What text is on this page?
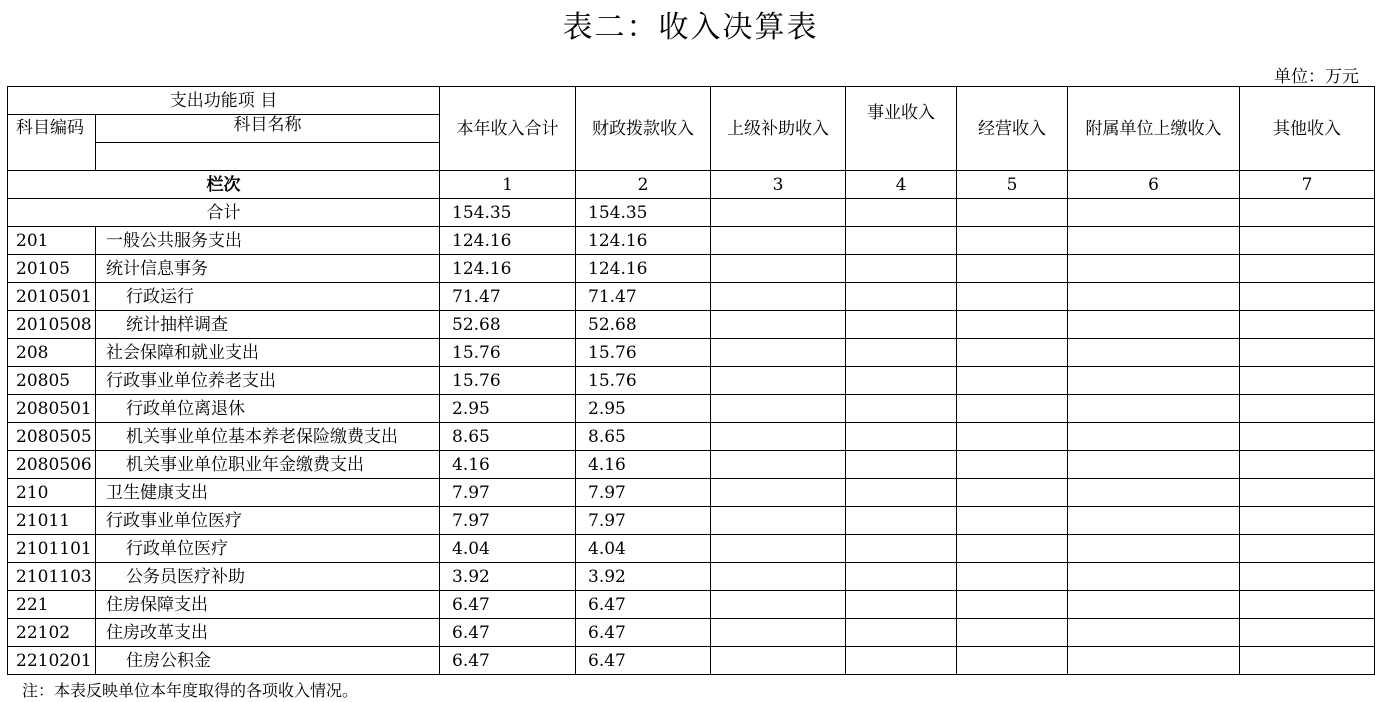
表二：收入决算表
单位：万元
支出功能项 目		本年收入合计	财政拨款收入	上级补助收入	事业收入	经营收入	附属单位上缴收入	其他收入
科目编码	科目名称							

栏次		1	2	3	4	5	6	7
合计		154.35	154.35					
201	一般公共服务支出	124.16	124.16					
20105	统计信息事务	124.16	124.16					
2010501	行政运行	71.47	71.47					
2010508	统计抽样调查	52.68	52.68					
208	社会保障和就业支出	15.76	15.76					
20805	行政事业单位养老支出	15.76	15.76					
2080501	行政单位离退休	2.95	2.95					
2080505	机关事业单位基本养老保险缴费支出	8.65	8.65					
2080506	机关事业单位职业年金缴费支出	4.16	4.16					
210	卫生健康支出	7.97	7.97					
21011	行政事业单位医疗	7.97	7.97					
2101101	行政单位医疗	4.04	4.04					
2101103	公务员医疗补助	3.92	3.92					
221	住房保障支出	6.47	6.47					
22102	住房改革支出	6.47	6.47					
2210201	住房公积金	6.47	6.47					
注：本表反映单位本年度取得的各项收入情况。
